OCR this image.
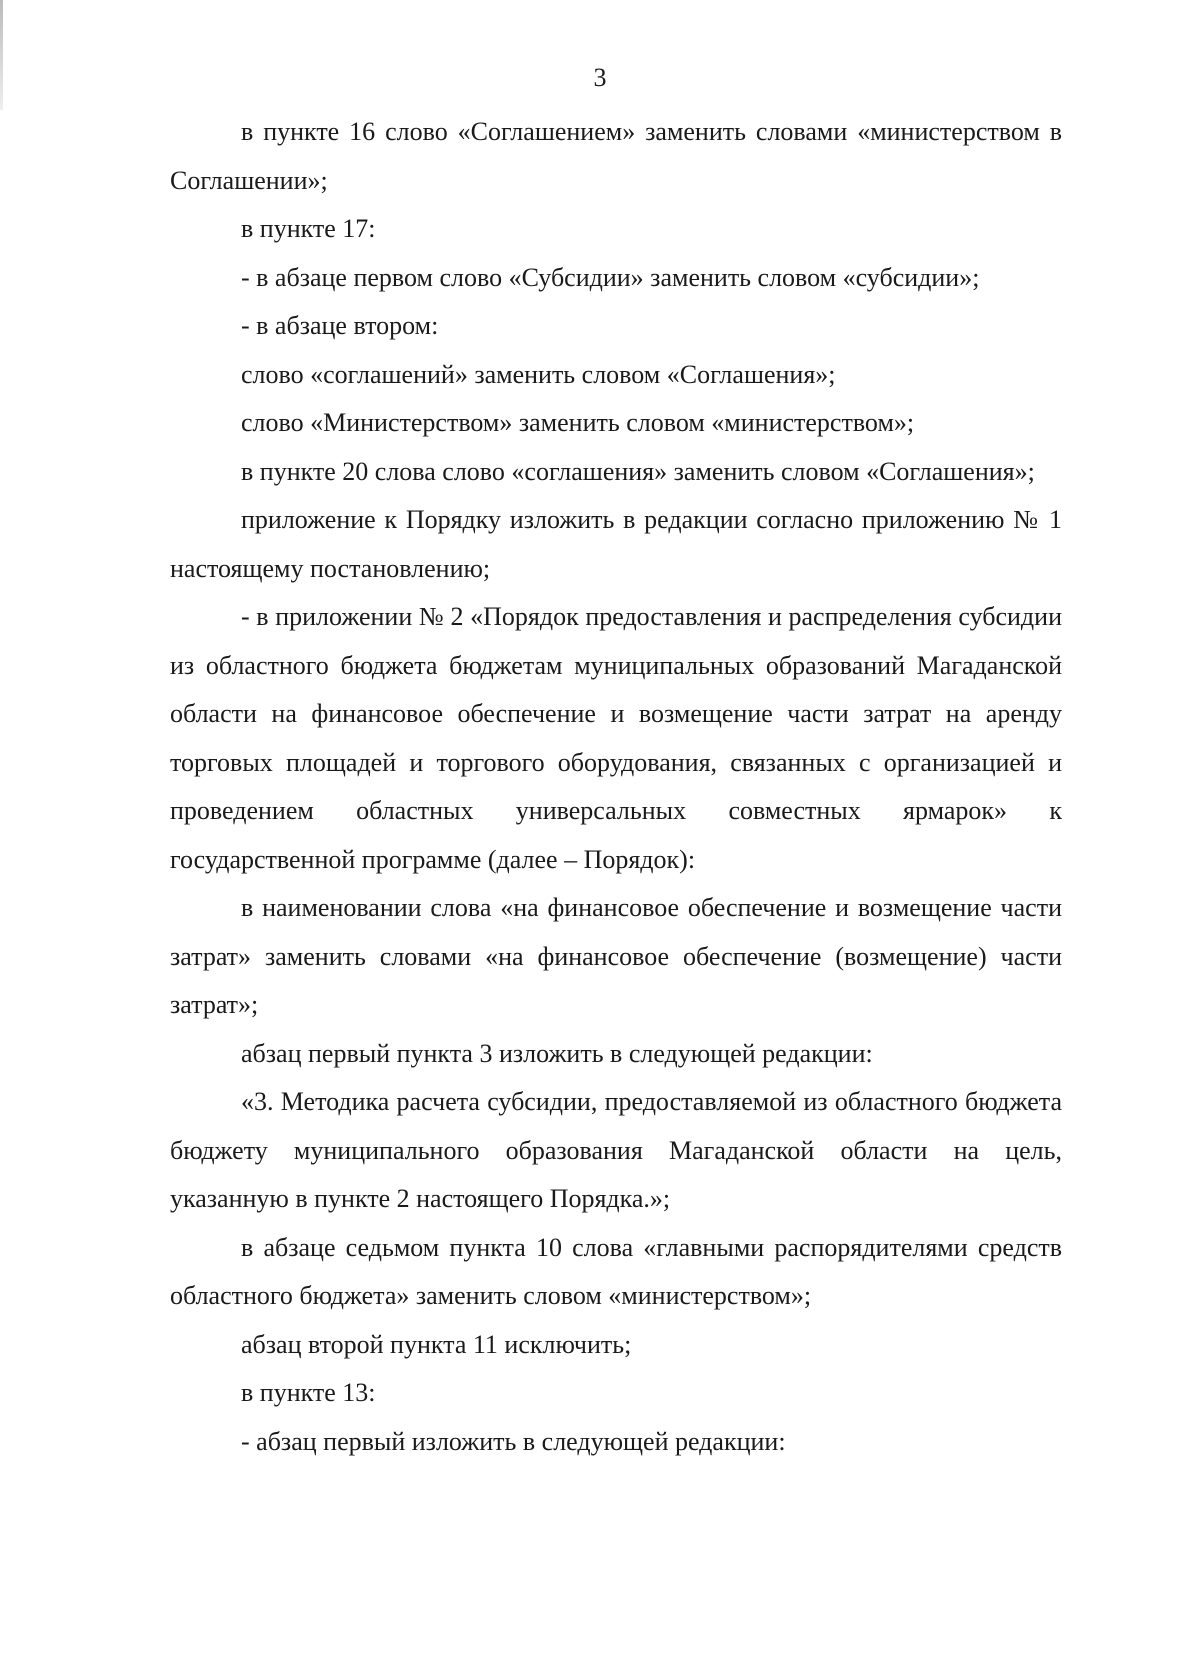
3

в пункте 16 слово «Соглашением» заменить словами «министерством в Соглашении»;

в пункте 17:

- в абзаце первом слово «Субсидии» заменить словом «субсидии»;

- в абзаце втором:

слово «соглашений» заменить словом «Соглашения»;

слово «Министерством» заменить словом «министерством»;

в пункте 20 слова слово «соглашения» заменить словом «Соглашения»;

приложение к Порядку изложить в редакции согласно приложению № 1 настоящему постановлению;

- в приложении № 2 «Порядок предоставления и распределения субсидии из областного бюджета бюджетам муниципальных образований Магаданской области на финансовое обеспечение и возмещение части затрат на аренду торговых площадей и торгового оборудования, связанных с организацией и проведением областных универсальных совместных ярмарок» к государственной программе (далее – Порядок):

в наименовании слова «на финансовое обеспечение и возмещение части затрат» заменить словами «на финансовое обеспечение (возмещение) части затрат»;

абзац первый пункта 3 изложить в следующей редакции:

«3. Методика расчета субсидии, предоставляемой из областного бюджета бюджету муниципального образования Магаданской области на цель, указанную в пункте 2 настоящего Порядка.»;

в абзаце седьмом пункта 10 слова «главными распорядителями средств областного бюджета» заменить словом «министерством»;

абзац второй пункта 11 исключить;

в пункте 13:

- абзац первый изложить в следующей редакции:
